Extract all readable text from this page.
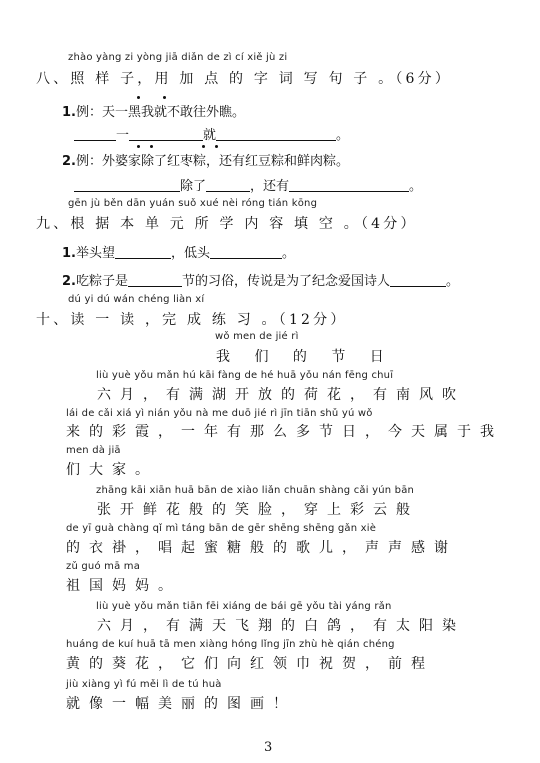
zhào yàng zi yòng jiā diǎn de zì cí xiě jù zi
八、照 样 子，用 加 点 的 字 词 写 句 子 。（6分）
1.例：天一黑我就不敢往外瞧。
一	就	。
2.例：外婆家除了红枣粽，还有红豆粽和鲜肉粽。
除了	，还有	。
gēn jù běn dān yuán suǒ xué nèi róng tián kōng
九、根 据 本 单 元 所 学 内 容 填 空 。（4分）
1.举头望	，低头	。
2.吃粽子是	节的习俗，传说是为了纪念爱国诗人	。
dú yi dú wán chéng liàn xí
十、读 一 读 ，完 成 练 习 。（12分）
wǒ men de jié rì
我 们 的 节 日
liù yuè yǒu mǎn hú kāi fàng de hé huā yǒu nán fēng chuī
六月，有满湖开放的荷花，有南风吹
lái de cǎi xiá yì nián yǒu nà me duō jié rì jīn tiān shǔ yú wǒ
来的彩霞，一年有那么多节日，今天属于我
men dà jiā
们大家。
zhāng kāi xiān huā bān de xiào liǎn chuān shàng cǎi yún bān
张开鲜花般的笑脸，穿上彩云般
de yī guà chàng qǐ mì táng bān de gēr shēng shēng gǎn xiè
的衣褂，唱起蜜糖般的歌儿，声声感谢
zǔ guó mā ma
祖国妈妈。
liù yuè yǒu mǎn tiān fēi xiáng de bái gē yǒu tài yáng rǎn
六月，有满天飞翔的白鸽，有太阳染
huáng de kuí huā tā men xiàng hóng lǐng jīn zhù hè qián chéng
黄的葵花，它们向红领巾祝贺，前程
jiù xiàng yì fú měi lì de tú huà
就像一幅美丽的图画！
3
